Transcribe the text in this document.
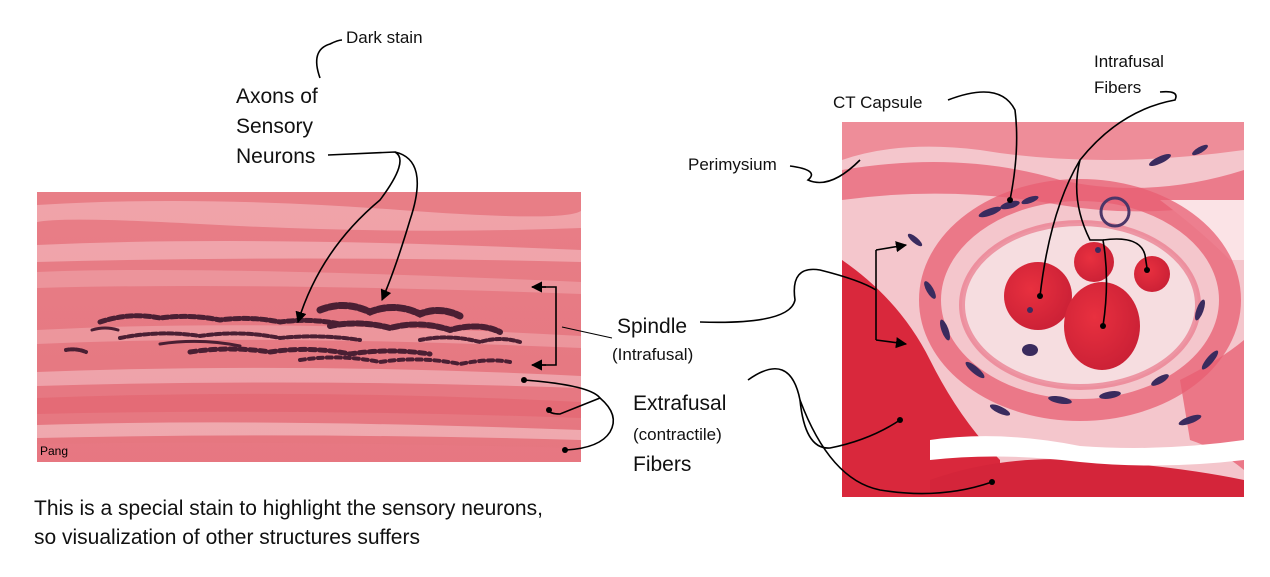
Pang
Dark stain
Axons of
Sensory
Neurons
Spindle
(Intrafusal)
Extrafusal
(contractile)
Fibers
CT Capsule
Intrafusal
Fibers
Perimysium
This is a special stain to highlight the sensory neurons,
so visualization of other structures suffers
